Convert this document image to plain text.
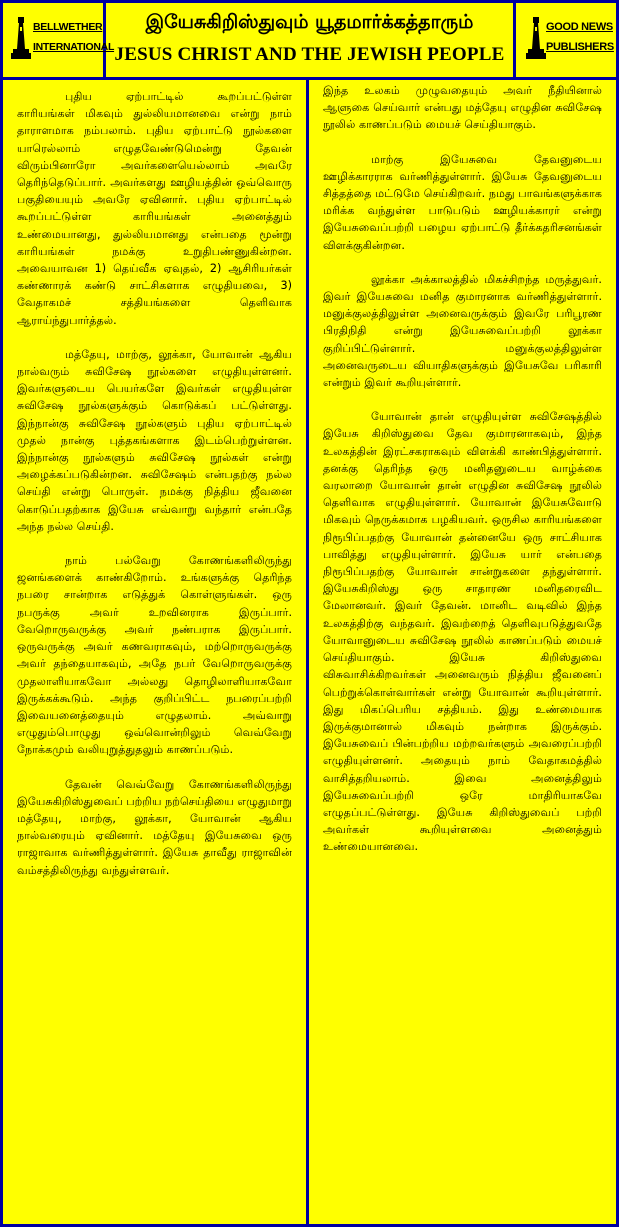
BELLWETHER
INTERNATIONAL
இயேசுகிறிஸ்துவும் யூதமார்க்கத்தாரும்
JESUS CHRIST AND THE JEWISH PEOPLE
GOOD NEWS
PUBLISHERS

புதிய ஏற்பாட்டில் கூறப்பட்டுள்ள காரியங்கள் மிகவும் துல்லியமானவை என்று நாம் தாராளமாக நம்பலாம். புதிய ஏற்பாட்டு நூல்களை யாரெல்லாம் எழுதவேண்டுமென்று தேவன் விரும்பினாரோ அவர்களையெல்லாம் அவரே தெரிந்தெடுப்பார். அவர்களது ஊழியத்தின் ஒவ்வொரு பகுதியையும் அவரே ஏவினார். புதிய ஏற்பாட்டில் கூறப்பட்டுள்ள காரியங்கள் அனைத்தும் உண்மையானது, துல்லியமானது என்பதை மூன்று காரியங்கள் நமக்கு உறுதிபண்ணுகின்றன. அவையாவன 1) தெய்வீக ஏவுதல், 2) ஆசிரியர்கள் கண்ணாரக் கண்டு சாட்சிகளாக எழுதியவை, 3) வேதாகமச் சத்தியங்களை தெளிவாக ஆராய்ந்துபார்த்தல்.

மத்தேயு, மாற்கு, லூக்கா, யோவான் ஆகிய நால்வரும் சுவிசேஷ நூல்களை எழுதியுள்ளனர். இவர்களுடைய பெயர்களே இவர்கள் எழுதியுள்ள சுவிசேஷ நூல்களுக்கும் கொடுக்கப் பட்டுள்ளது. இந்நான்கு சுவிசேஷ நூல்களும் புதிய ஏற்பாட்டில் முதல் நான்கு புத்தகங்களாக இடம்பெற்றுள்ளன. இந்நான்கு நூல்களும் சுவிசேஷ நூல்கள் என்று அழைக்கப்படுகின்றன. சுவிசேஷம் என்பதற்கு நல்ல செய்தி என்று பொருள். நமக்கு நித்திய ஜீவனை கொடுப்பதற்காக இயேசு எவ்வாறு வந்தார் என்பதே அந்த நல்ல செய்தி.

நாம் பல்வேறு கோணங்களிலிருந்து ஜனங்களைக் காண்கிறோம். உங்களுக்கு தெரிந்த நபரை சான்றாக எடுத்துக் கொள்ளுங்கள். ஒரு நபருக்கு அவர் உறவினராக இருப்பார். வேறொருவருக்கு அவர் நண்பராக இருப்பார். ஒருவருக்கு அவர் கணவராகவும், மற்றொருவருக்கு அவர் தந்தையாகவும், அதே நபர் வேறொருவருக்கு முதலாளியாகவோ அல்லது தொழிலாளியாகவோ இருக்கக்கூடும். அந்த குறிப்பிட்ட நபரைப்பற்றி இவையனைத்தையும் எழுதலாம். அவ்வாறு எழுதும்பொழுது ஒவ்வொன்றிலும் வெவ்வேறு நோக்கமும் வலியுறுத்துதலும் காணப்படும்.

தேவன் வெவ்வேறு கோணங்களிலிருந்து இயேசுகிறிஸ்துவைப் பற்றிய நற்செய்தியை எழுதுமாறு மத்தேயு, மாற்கு, லூக்கா, யோவான் ஆகிய நால்வரையும் ஏவினார். மத்தேயு இயேசுவை ஒரு ராஜாவாக வர்ணித்துள்ளார். இயேசு தாவீது ராஜாவின் வம்சத்திலிருந்து வந்துள்ளவர்.

இந்த உலகம் முழுவதையும் அவர் நீதியினால் ஆளுகை செய்வார் என்பது மத்தேயு எழுதின சுவிசேஷ நூலில் காணப்படும் மையச் செய்தியாகும்.

மாற்கு இயேசுவை தேவனுடைய ஊழிக்காரராக வர்ணித்துள்ளார். இயேசு தேவனுடைய சித்தத்தை மட்டுமே செய்கிறவர். நமது பாவங்களுக்காக மரிக்க வந்துள்ள பாடுபடும் ஊழியக்காரர் என்று இயேசுவைப்பற்றி பழைய ஏற்பாட்டு தீர்க்கதரிசனங்கள் விளக்குகின்றன.

லூக்கா அக்காலத்தில் மிகச்சிறந்த மருத்துவர். இவர் இயேசுவை மனித குமாரனாக வர்ணித்துள்ளார். மனுக்குலத்திலுள்ள அனைவருக்கும் இவரே பரிபூரண பிரதிநிதி என்று இயேசுவைப்பற்றி லூக்கா குறிப்பிட்டுள்ளார். மனுக்குலத்திலுள்ள அனைவருடைய வியாதிகளுக்கும் இயேசுவே பரிகாரி என்றும் இவர் கூறியுள்ளார்.

யோவான் தான் எழுதியுள்ள சுவிசேஷத்தில் இயேசு கிறிஸ்துவை தேவ குமாரனாகவும், இந்த உலகத்தின் இரட்சகராகவும் விளக்கி காண்பித்துள்ளார். தனக்கு தெரிந்த ஒரு மனிதனுடைய வாழ்க்கை வரலாறை யோவான் தான் எழுதின சுவிசேஷ நூலில் தெளிவாக எழுதியுள்ளார். யோவான் இயேசுவோடு மிகவும் நெருக்கமாக பழகியவர். ஒருசில காரியங்களை நிரூபிப்பதற்கு யோவான் தன்னையே ஒரு சாட்சியாக பாவித்து எழுதியுள்ளார். இயேசு யார் என்பதை நிரூபிப்பதற்கு யோவான் சான்றுகளை தந்துள்ளார். இயேசுகிறிஸ்து ஒரு சாதாரண மனிதரைவிட மேலானவர். இவர் தேவன். மானிட வடிவில் இந்த உலகத்திற்கு வந்தவர். இவற்றைத் தெளிவுபடுத்துவதே யோவானுடைய சுவிசேஷ நூலில் காணப்படும் மையச் செய்தியாகும். இயேசு கிறிஸ்துவை விசுவாசிக்கிறவர்கள் அனைவரும் நித்திய ஜீவனைப் பெற்றுக்கொள்வார்கள் என்று யோவான் கூறியுள்ளார். இது மிகப்பெரிய சத்தியம். இது உண்மையாக இருக்குமானால் மிகவும் நன்றாக இருக்கும். இயேசுவைப் பின்பற்றிய மற்றவர்களும் அவரைப்பற்றி எழுதியுள்ளனர். அதையும் நாம் வேதாகமத்தில் வாசித்தறியலாம். இவை அனைத்திலும் இயேசுவைப்பற்றி ஒரே மாதிரியாகவே எழுதப்பட்டுள்ளது. இயேசு கிறிஸ்துவைப் பற்றி அவர்கள் கூறியுள்ளவை அனைத்தும் உண்மையானவை.
